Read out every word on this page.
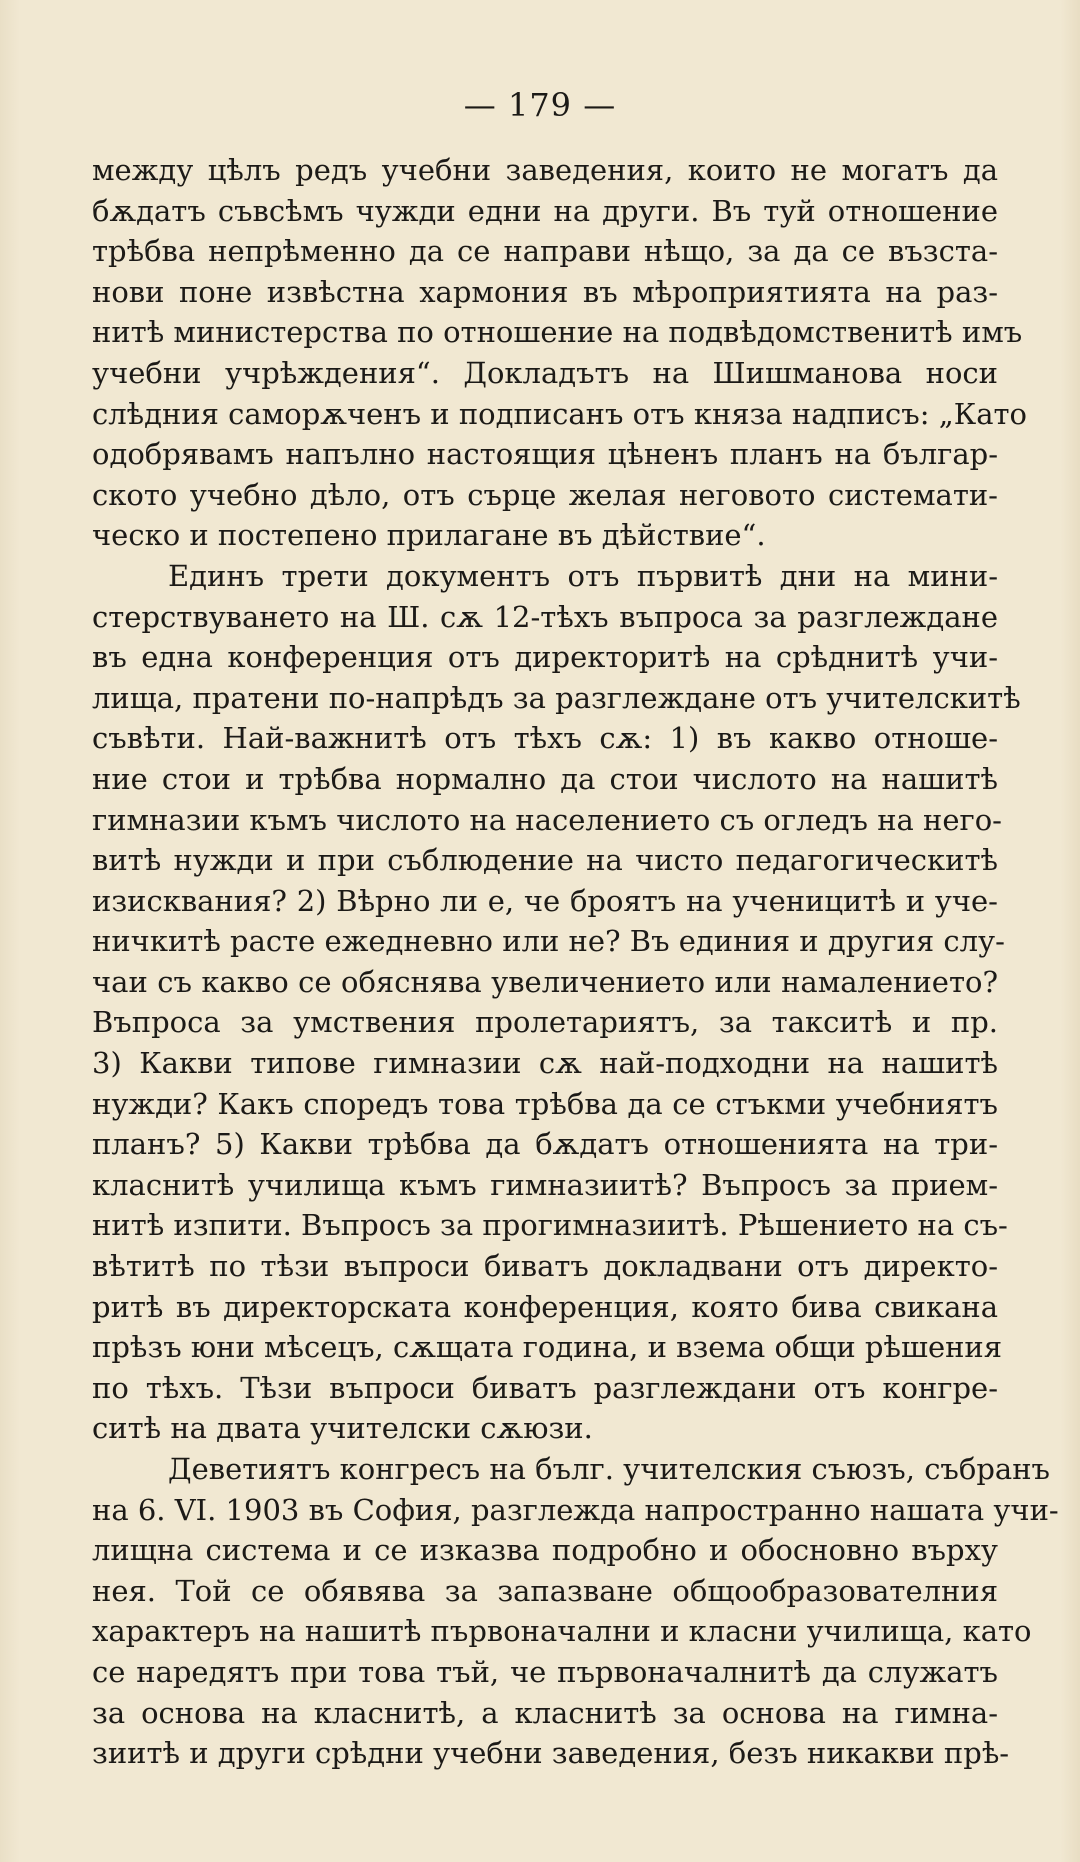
— 179 —
между цѣлъ редъ учебни заведения, които не могатъ да
бѫдатъ съвсѣмъ чужди едни на други. Въ туй отношение
трѣбва непрѣменно да се направи нѣщо, за да се възста-
нови поне извѣстна хармония въ мѣроприятията на раз-
нитѣ министерства по отношение на подвѣдомственитѣ имъ
учебни учрѣждения“. Докладътъ на Шишманова носи
слѣдния саморѫченъ и подписанъ отъ княза надписъ: „Като
одобрявамъ напълно настоящия цѣненъ планъ на българ-
ското учебно дѣло, отъ сърце желая неговото системати-
ческо и постепено прилагане въ дѣйствие“.
Единъ трети документъ отъ първитѣ дни на мини-
стерствуването на Ш. сѫ 12-тѣхъ въпроса за разглеждане
въ една конференция отъ директоритѣ на срѣднитѣ учи-
лища, пратени по-напрѣдъ за разглеждане отъ учителскитѣ
съвѣти. Най-важнитѣ отъ тѣхъ сѫ: 1) въ какво отноше-
ние стои и трѣбва нормално да стои числото на нашитѣ
гимназии къмъ числото на населението съ огледъ на него-
витѣ нужди и при съблюдение на чисто педагогическитѣ
изисквания? 2) Вѣрно ли е, че броятъ на ученицитѣ и уче-
ничкитѣ расте ежедневно или не? Въ единия и другия слу-
чаи съ какво се обяснява увеличението или намалението?
Въпроса за умствения пролетариятъ, за такситѣ и пр.
3) Какви типове гимназии сѫ най-подходни на нашитѣ
нужди? Какъ споредъ това трѣбва да се стъкми учебниятъ
планъ? 5) Какви трѣбва да бѫдатъ отношенията на три-
класнитѣ училища къмъ гимназиитѣ? Въпросъ за прием-
нитѣ изпити. Въпросъ за прогимназиитѣ. Рѣшението на съ-
вѣтитѣ по тѣзи въпроси биватъ докладвани отъ директо-
ритѣ въ директорската конференция, която бива свикана
прѣзъ юни мѣсецъ, сѫщата година, и взема общи рѣшения
по тѣхъ. Тѣзи въпроси биватъ разглеждани отъ конгре-
ситѣ на двата учителски сѫюзи.
Деветиятъ конгресъ на бълг. учителския съюзъ, събранъ
на 6. VI. 1903 въ София, разглежда напространно нашата учи-
лищна система и се изказва подробно и обосновно върху
нея. Той се обявява за запазване общообразователния
характеръ на нашитѣ първоначални и класни училища, като
се наредятъ при това тъй, че първоначалнитѣ да служатъ
за основа на класнитѣ, а класнитѣ за основа на гимна-
зиитѣ и други срѣдни учебни заведения, безъ никакви прѣ-
